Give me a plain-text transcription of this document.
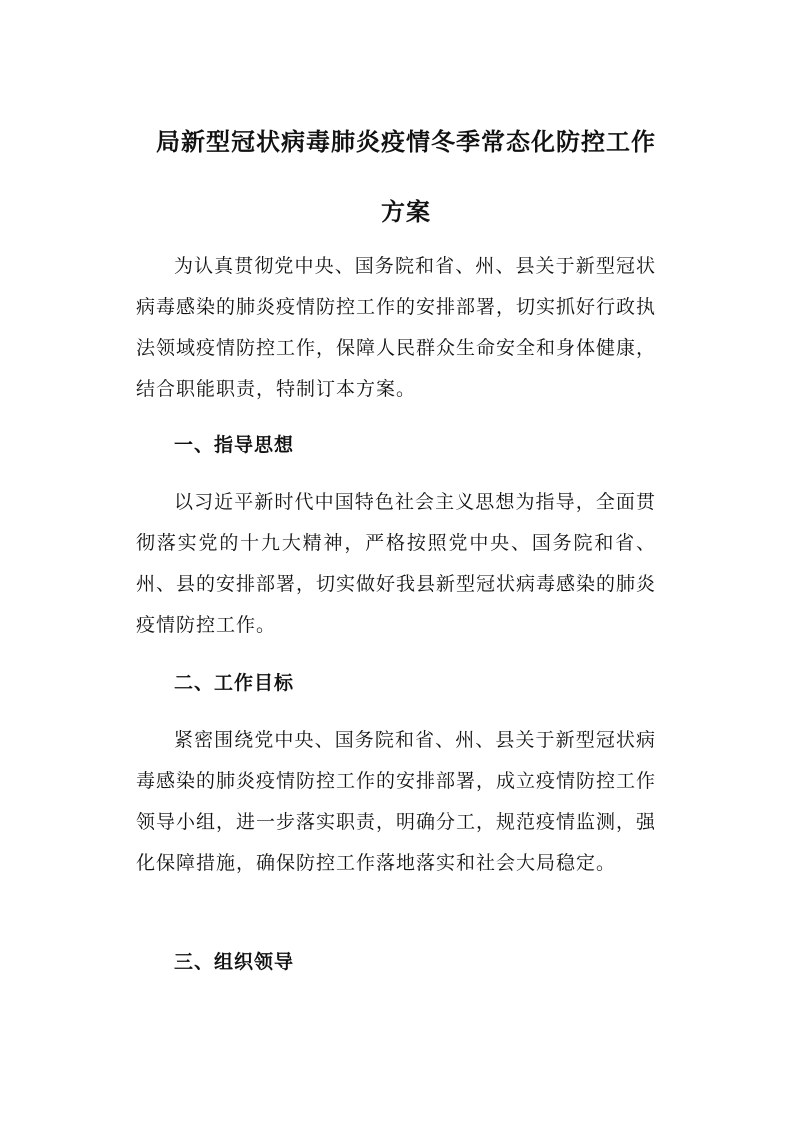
局新型冠状病毒肺炎疫情冬季常态化防控工作
方案

为认真贯彻党中央、国务院和省、州、县关于新型冠状病毒感染的肺炎疫情防控工作的安排部署，切实抓好行政执法领域疫情防控工作，保障人民群众生命安全和身体健康，结合职能职责，特制订本方案。

一、指导思想

以习近平新时代中国特色社会主义思想为指导，全面贯彻落实党的十九大精神，严格按照党中央、国务院和省、州、县的安排部署，切实做好我县新型冠状病毒感染的肺炎疫情防控工作。

二、工作目标

紧密围绕党中央、国务院和省、州、县关于新型冠状病毒感染的肺炎疫情防控工作的安排部署，成立疫情防控工作领导小组，进一步落实职责，明确分工，规范疫情监测，强化保障措施，确保防控工作落地落实和社会大局稳定。

三、组织领导
